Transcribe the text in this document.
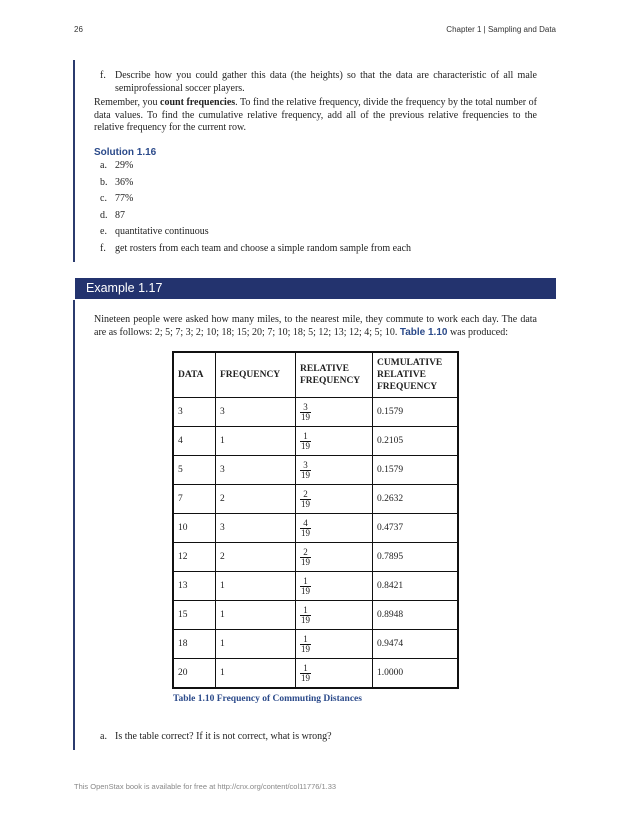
26	Chapter 1 | Sampling and Data
f. Describe how you could gather this data (the heights) so that the data are characteristic of all male semiprofessional soccer players.
Remember, you count frequencies. To find the relative frequency, divide the frequency by the total number of data values. To find the cumulative relative frequency, add all of the previous relative frequencies to the relative frequency for the current row.
Solution 1.16
a. 29%
b. 36%
c. 77%
d. 87
e. quantitative continuous
f. get rosters from each team and choose a simple random sample from each
Example 1.17
Nineteen people were asked how many miles, to the nearest mile, they commute to work each day. The data are as follows: 2; 5; 7; 3; 2; 10; 18; 15; 20; 7; 10; 18; 5; 12; 13; 12; 4; 5; 10. Table 1.10 was produced:
DATA	FREQUENCY	RELATIVE FREQUENCY	CUMULATIVE RELATIVE FREQUENCY
3	3	$\frac{3}{19}$	0.1579
4	1	$\frac{1}{19}$	0.2105
5	3	$\frac{3}{19}$	0.1579
7	2	$\frac{2}{19}$	0.2632
10	3	$\frac{4}{19}$	0.4737
12	2	$\frac{2}{19}$	0.7895
13	1	$\frac{1}{19}$	0.8421
15	1	$\frac{1}{19}$	0.8948
18	1	$\frac{1}{19}$	0.9474
20	1	$\frac{1}{19}$	1.0000
Table 1.10 Frequency of Commuting Distances
a. Is the table correct? If it is not correct, what is wrong?
This OpenStax book is available for free at http://cnx.org/content/col11776/1.33
